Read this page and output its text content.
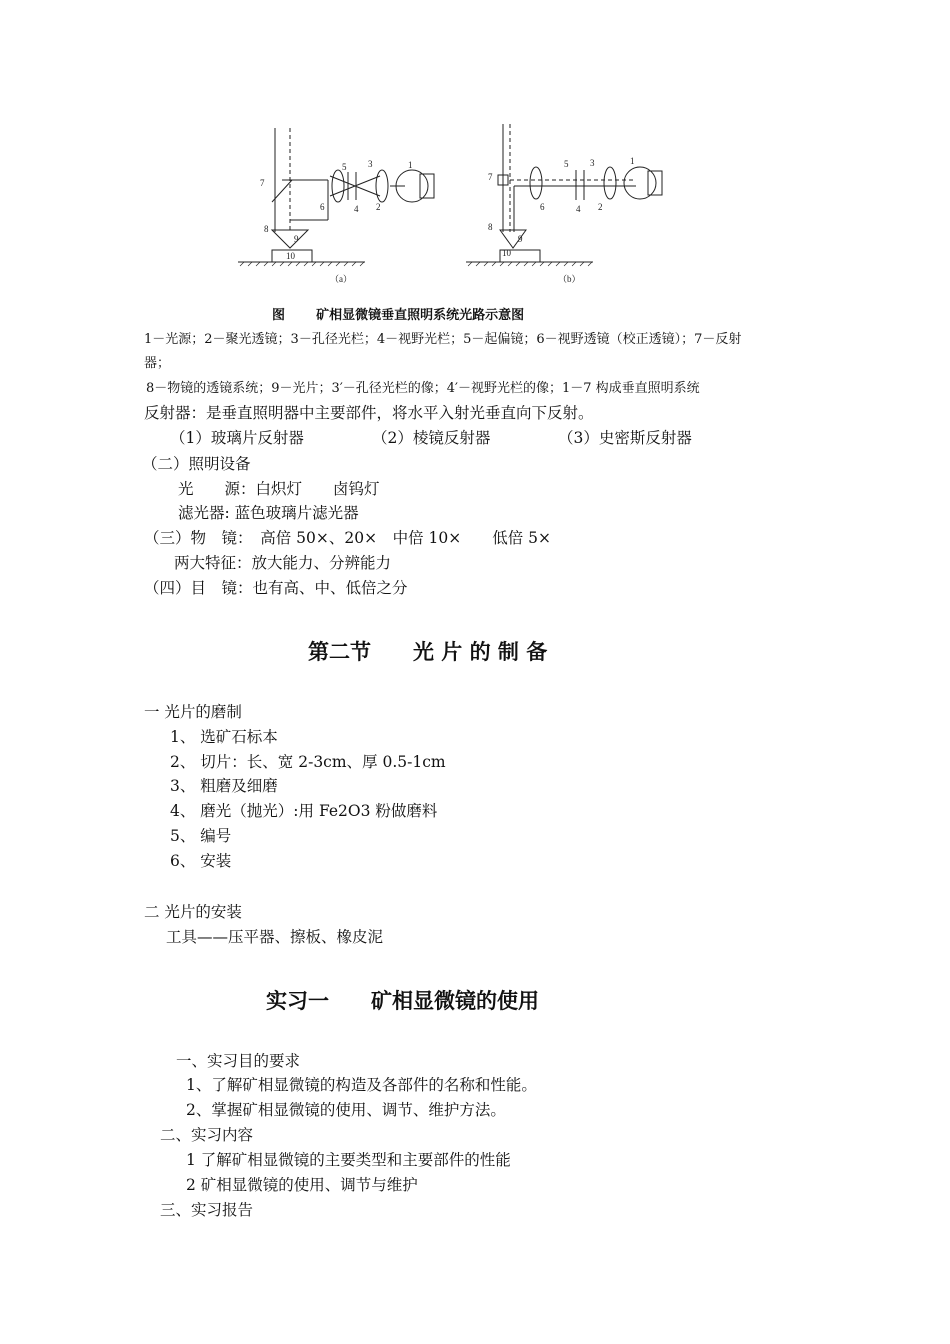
1
2
3
4
5
6
7
8
9
10
（a）
1
2
3
4
5
6
7
8
9
10
（b）
图 矿相显微镜垂直照明系统光路示意图
1－光源；2－聚光透镜；3－孔径光栏；4－视野光栏；5－起偏镜；6－视野透镜（校正透镜）；7－反射
器；
8－物镜的透镜系统；9－光片；3′－孔径光栏的像；4′－视野光栏的像；1－7 构成垂直照明系统
反射器：是垂直照明器中主要部件，将水平入射光垂直向下反射。
（1）玻璃片反射器	（2）棱镜反射器	（3）史密斯反射器
（二）照明设备
光　　源：白炽灯　　卤钨灯
滤光器: 蓝色玻璃片滤光器
（三）物　镜：　高倍 50×、20×　中倍 10×　　低倍 5×
两大特征：放大能力、分辨能力
（四）目　镜：也有高、中、低倍之分
第二节　　光 片 的 制 备
一 光片的磨制
1、 选矿石标本
2、 切片：长、宽 2-3cm、厚 0.5-1cm
3、 粗磨及细磨
4、 磨光（抛光）:用 Fe2O3 粉做磨料
5、 编号
6、 安装
二 光片的安装
工具——压平器、擦板、橡皮泥
实习一　　矿相显微镜的使用
一、实习目的要求
1、了解矿相显微镜的构造及各部件的名称和性能。
2、掌握矿相显微镜的使用、调节、维护方法。
二、实习内容
1 了解矿相显微镜的主要类型和主要部件的性能
2 矿相显微镜的使用、调节与维护
三、实习报告
